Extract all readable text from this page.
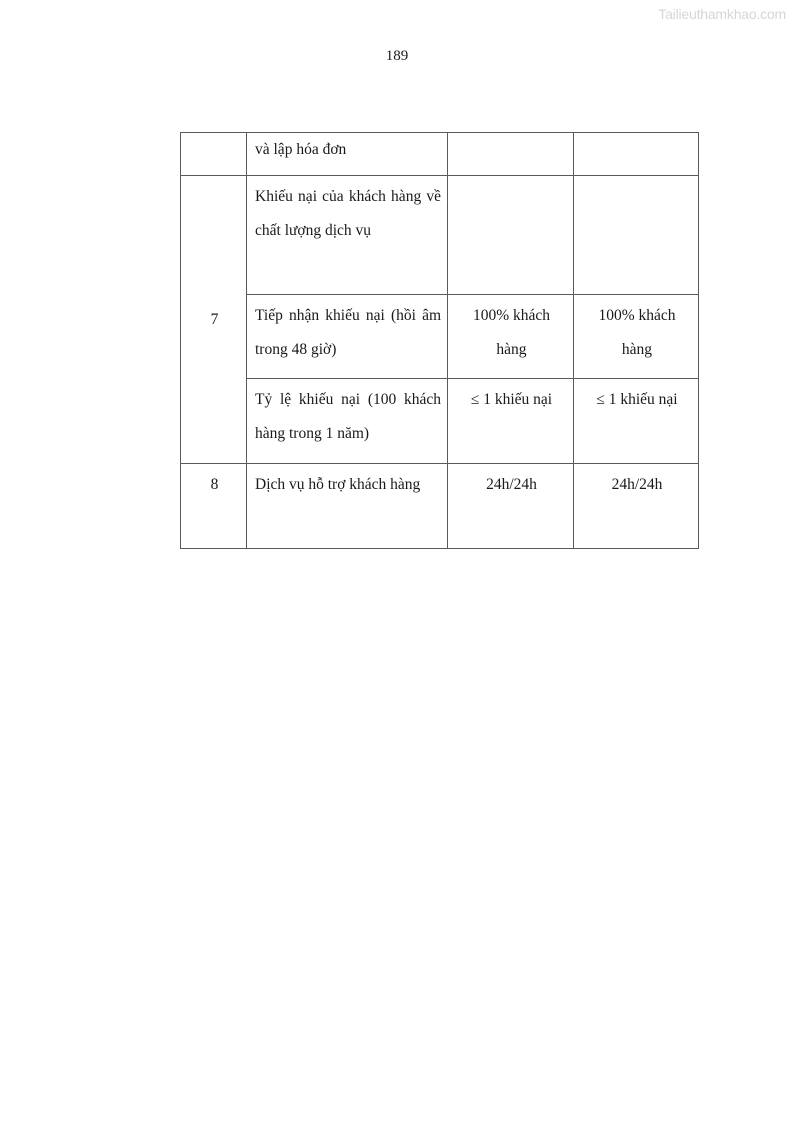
Tailieuthamkhao.com
189

	và lập hóa đơn		

7	Khiếu nại của khách hàng về chất lượng dịch vụ		

	Tiếp nhận khiếu nại (hồi âm trong 48 giờ)	100% khách hàng	100% khách hàng

	Tỷ lệ khiếu nại (100 khách hàng trong 1 năm)	≤ 1 khiếu nại	≤ 1 khiếu nại

8	Dịch vụ hỗ trợ khách hàng	24h/24h	24h/24h
